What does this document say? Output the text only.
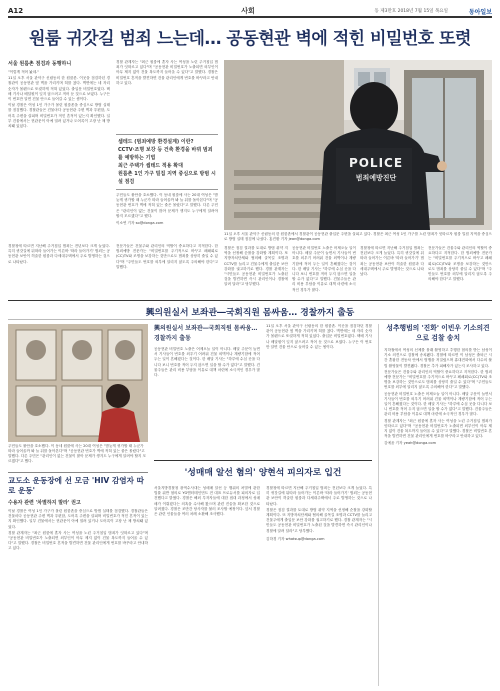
A12	사회	동 제3만호 2018년 7월 15일 목요일	동아일보
원룸 귀갓길 범죄 느는데… 공동현관 벽에 적힌 비밀번호 또렷
서울 원룸촌 점검과 동행하니

"이렇게 적어 놨네."

11일 오후 서울 관악구 신림동의 한 원룸촌. 이곳을 점검하던 경찰관이 공동현관 옆 벽을 가리키며 혀를 찼다. 벽면에는 네 자리 숫자가 볼펜으로 또렷하게 적혀 있었다. 출입문 비밀번호였다. 택배 기사나 배달원이 잊지 않으려고 적어 둔 것으로 보였다. 누구든 이 번호만 알면 건물 안으로 들어갈 수 있는 셈이다.

이날 경찰은 여성 1인 가구가 몰린 원룸촌을 중심으로 방범 실태를 점검했다. 경찰관들은 건물마다 공동현관 주변 벽과 우편함, 도어록 주변을 살피며 비밀번호가 적힌 흔적이 있는지 확인했다. 일부 건물에서는 현관문이 아예 열려 있거나 도어록이 고장 난 채 방치돼 있었다.

경찰 관계자는 "최근 원룸에 혼자 사는 여성을 노린 주거침입 범죄가 잇따르고 있다"며 "공동현관 비밀번호가 노출되면 외부인이 아무 제지 없이 건물 복도까지 들어올 수 있다"고 말했다. 경찰은 비밀번호 흔적을 발견하면 건물 관리인에게 번호를 바꾸라고 안내하고 있다.

셉테드 (범죄예방 환경설계) 이란?
CCTV·조명 보강 등 건축 환경을 바꿔 범죄를 예방하는 기법
최근 주택가 셉테드 적용 확대
원룸촌 1인 가구 밀집 지역 중심으로 방범 시설 점검

주민들도 불안을 호소했다. 이 동네 원룸에 사는 20대 여성은 "밤늦게 귀가할 때 누군가 따라 들어올까 봐 늘 뒤를 돌아본다"며 "공동현관 번호가 벽에 적혀 있는 줄은 몰랐다"고 말했다. 다른 주민은 "관리인이 없는 건물이 많아 문제가 생겨도 누구에게 알려야 할지 모르겠다"고 했다.

이소연 기자 so@donga.com
POLICE
범죄예방진단
11일 오후 서울 관악구 신림동의 한 원룸촌에서 경찰관이 공동현관 출입문 주변을 살피고 있다. 경찰은 최근 여성 1인 가구를 노린 범죄가 잇따르자 원룸 밀집 지역을 중심으로 방범 실태 점검에 나섰다. 홍진환 기자 jean@donga.com
경찰은 점검 결과를 토대로 방범 취약 지역을 선정해 순찰을 강화할 계획이다. 또 지방자치단체와 협의해 골목길 조명과 CCTV를 늘리고 건물주에게 출입문 보안 강화를 권고하기로 했다. 경찰 관계자는 "시민들도 공동현관 비밀번호가 노출된 것을 발견하면 즉시 관리인이나 경찰에 알려 달라"고 당부했다.
공동현관 비밀번호 노출은 어제오늘 일이 아니다. 배달 주문이 늘면서 기사들이 번호를 외우기 어려워 건물 외벽이나 계량기함에 적어 두는 일이 흔해졌다는 것이다. 한 배달 기사는 "하루에 수십 곳을 다니다 보니 번호를 적어 두지 않으면 일을 할 수가 없다"고 말했다. 건물주들은 관리 비용 부담을 이유로 대책 마련에 소극적인 경우가 많다.
경찰청에 따르면 지난해 주거침입 범죄는 전년보다 크게 늘었다. 특히 귀갓길에 뒤따라 들어가는 이른바 '따라 들어가기' 범죄는 공동현관 보안이 허술한 원룸과 다세대주택에서 주로 발생하는 것으로 나타났다.
전문가들은 건물주와 관리인의 역할이 중요하다고 지적한다. 한 범죄예방 전문가는 "비밀번호를 주기적으로 바꾸고 폐쇄회로(CC)TV와 조명을 보강하는 것만으로도 범죄를 상당히 줄일 수 있다"며 "주민들도 번호를 외부에 알리지 않도록 주의해야 한다"고 말했다.

경찰청에 따르면 지난해 주거침입 범죄는 전년보다 크게 늘었다. 특히 귀갓길에 뒤따라 들어가는 이른바 '따라 들어가기' 범죄는 공동현관 보안이 허술한 원룸과 다세대주택에서 주로 발생하는 것으로 나타났다.

전문가들은 건물주와 관리인의 역할이 중요하다고 지적한다. 한 범죄예방 전문가는 "비밀번호를 주기적으로 바꾸고 폐쇄회로(CC)TV와 조명을 보강하는 것만으로도 범죄를 상당히 줄일 수 있다"며 "주민들도 번호를 외부에 알리지 않도록 주의해야 한다"고 말했다.

興의원실서 보좌관―국회직원 몸싸움… 경찰까지 출동
주민들도 불안을 호소했다. 이 동네 원룸에 사는 20대 여성은 "밤늦게 귀가할 때 누군가 따라 들어올까 봐 늘 뒤를 돌아본다"며 "공동현관 번호가 벽에 적혀 있는 줄은 몰랐다"고 말했다. 다른 주민은 "관리인이 없는 건물이 많아 문제가 생겨도 누구에게 알려야 할지 모르겠다"고 했다.
교도소 운동장에 선 모금 'HIV 감염자 따로 운동'
수용자 관련 '차별하지 말라' 권고

이날 경찰은 여성 1인 가구가 몰린 원룸촌을 중심으로 방범 실태를 점검했다. 경찰관들은 건물마다 공동현관 주변 벽과 우편함, 도어록 주변을 살피며 비밀번호가 적힌 흔적이 있는지 확인했다. 일부 건물에서는 현관문이 아예 열려 있거나 도어록이 고장 난 채 방치돼 있었다.

경찰 관계자는 "최근 원룸에 혼자 사는 여성을 노린 주거침입 범죄가 잇따르고 있다"며 "공동현관 비밀번호가 노출되면 외부인이 아무 제지 없이 건물 복도까지 들어올 수 있다"고 말했다. 경찰은 비밀번호 흔적을 발견하면 건물 관리인에게 번호를 바꾸라고 안내하고 있다.

興의원실서 보좌관―국회직원 몸싸움… 경찰까지 출동

공동현관 비밀번호 노출은 어제오늘 일이 아니다. 배달 주문이 늘면서 기사들이 번호를 외우기 어려워 건물 외벽이나 계량기함에 적어 두는 일이 흔해졌다는 것이다. 한 배달 기사는 "하루에 수십 곳을 다니다 보니 번호를 적어 두지 않으면 일을 할 수가 없다"고 말했다. 건물주들은 관리 비용 부담을 이유로 대책 마련에 소극적인 경우가 많다.

11일 오후 서울 관악구 신림동의 한 원룸촌. 이곳을 점검하던 경찰관이 공동현관 옆 벽을 가리키며 혀를 찼다. 벽면에는 네 자리 숫자가 볼펜으로 또렷하게 적혀 있었다. 출입문 비밀번호였다. 택배 기사나 배달원이 잊지 않으려고 적어 둔 것으로 보였다. 누구든 이 번호만 알면 건물 안으로 들어갈 수 있는 셈이다.
'성매매 알선 혐의' 양현석 피의자로 입건
서울지방경찰청 광역수사대는 성매매 알선 등 행위의 처벌에 관한 법률 위반 혐의로 YG엔터테인먼트 전 대표 프로듀서를 피의자로 입건했다고 밝혔다. 경찰은 해외 투자자들에 대한 접대 과정에서 성매매가 이뤄졌다는 의혹을 수사해 왔으며 관련 진술을 확보한 것으로 알려졌다. 경찰은 조만간 당사자를 불러 조사할 예정이다. 앞서 경찰은 관련 인물들을 여러 차례 소환해 조사했다.

경찰청에 따르면 지난해 주거침입 범죄는 전년보다 크게 늘었다. 특히 귀갓길에 뒤따라 들어가는 이른바 '따라 들어가기' 범죄는 공동현관 보안이 허술한 원룸과 다세대주택에서 주로 발생하는 것으로 나타났다.

경찰은 점검 결과를 토대로 방범 취약 지역을 선정해 순찰을 강화할 계획이다. 또 지방자치단체와 협의해 골목길 조명과 CCTV를 늘리고 건물주에게 출입문 보안 강화를 권고하기로 했다. 경찰 관계자는 "시민들도 공동현관 비밀번호가 노출된 것을 발견하면 즉시 관리인이나 경찰에 알려 달라"고 당부했다.

김하경 기자 whatsup@donga.com
성추행범의 '진화' 이빈우 기소의견으로 검찰 송치

지하철에서 여성의 신체를 몰래 촬영하고 추행한 혐의를 받는 남성이 기소 의견으로 검찰에 송치됐다. 경찰에 따르면 이 남성은 출퇴근 시간 혼잡한 전동차 안에서 범행을 저질렀으며 휴대전화에서 다수의 불법 촬영물이 발견됐다. 경찰은 추가 피해자가 있는지 조사하고 있다.

전문가들은 건물주와 관리인의 역할이 중요하다고 지적한다. 한 범죄예방 전문가는 "비밀번호를 주기적으로 바꾸고 폐쇄회로(CC)TV와 조명을 보강하는 것만으로도 범죄를 상당히 줄일 수 있다"며 "주민들도 번호를 외부에 알리지 않도록 주의해야 한다"고 말했다.

공동현관 비밀번호 노출은 어제오늘 일이 아니다. 배달 주문이 늘면서 기사들이 번호를 외우기 어려워 건물 외벽이나 계량기함에 적어 두는 일이 흔해졌다는 것이다. 한 배달 기사는 "하루에 수십 곳을 다니다 보니 번호를 적어 두지 않으면 일을 할 수가 없다"고 말했다. 건물주들은 관리 비용 부담을 이유로 대책 마련에 소극적인 경우가 많다.

경찰 관계자는 "최근 원룸에 혼자 사는 여성을 노린 주거침입 범죄가 잇따르고 있다"며 "공동현관 비밀번호가 노출되면 외부인이 아무 제지 없이 건물 복도까지 들어올 수 있다"고 말했다. 경찰은 비밀번호 흔적을 발견하면 건물 관리인에게 번호를 바꾸라고 안내하고 있다.

김예윤 기자 yeah@donga.com
